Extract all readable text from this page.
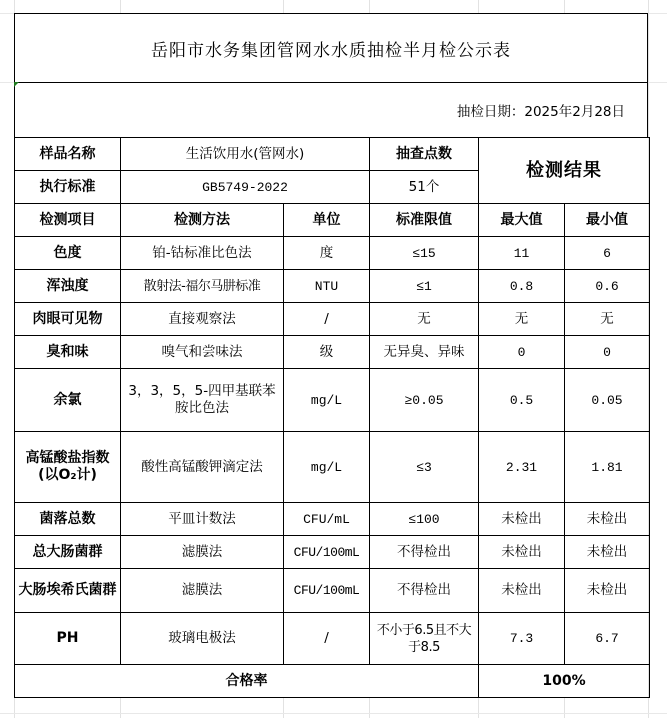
岳阳市水务集团管网水水质抽检半月检公示表
抽检日期：2025年2月28日
样品名称	生活饮用水(管网水)		抽查点数	检测结果	
执行标准	GB5749-2022		51个		
检测项目	检测方法	单位	标准限值	最大值	最小值
色度	铂-钴标准比色法	度	≤15	11	6
浑浊度	散射法-福尔马肼标准	NTU	≤1	0.8	0.6
肉眼可见物	直接观察法	/	无	无	无
臭和味	嗅气和尝味法	级	无异臭、异味	0	0
余氯	3，3，5，5-四甲基联苯胺比色法	mg/L	≥0.05	0.5	0.05
高锰酸盐指数(以O₂计)	酸性高锰酸钾滴定法	mg/L	≤3	2.31	1.81
菌落总数	平皿计数法	CFU/mL	≤100	未检出	未检出
总大肠菌群	滤膜法	CFU/100mL	不得检出	未检出	未检出
大肠埃希氏菌群	滤膜法	CFU/100mL	不得检出	未检出	未检出
PH	玻璃电极法	/	不小于6.5且不大于8.5	7.3	6.7
合格率				100%	
